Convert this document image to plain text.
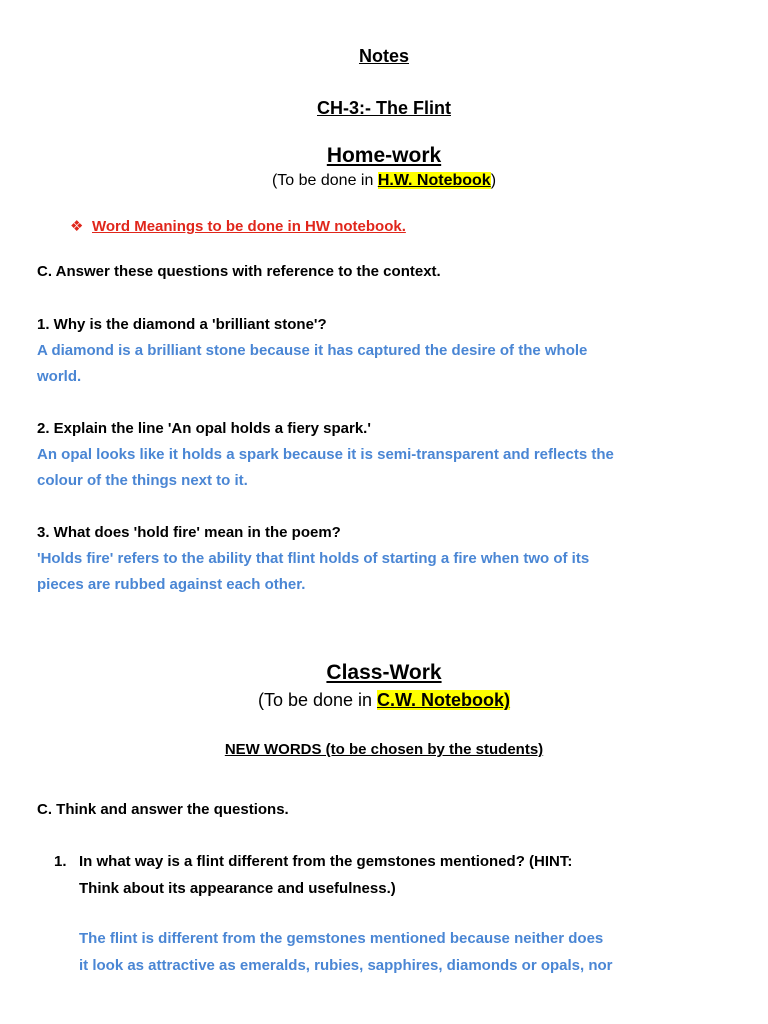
Notes
CH-3:- The Flint
Home-work
(To be done in H.W. Notebook)
❖ Word Meanings to be done in HW notebook.
C. Answer these questions with reference to the context.
1. Why is the diamond a 'brilliant stone'?
A diamond is a brilliant stone because it has captured the desire of the whole
world.
2. Explain the line 'An opal holds a fiery spark.'
An opal looks like it holds a spark because it is semi-transparent and reflects the
colour of the things next to it.
3. What does 'hold fire' mean in the poem?
'Holds fire' refers to the ability that flint holds of starting a fire when two of its
pieces are rubbed against each other.
Class-Work
(To be done in C.W. Notebook)
NEW WORDS (to be chosen by the students)
C. Think and answer the questions.
1. In what way is a flint different from the gemstones mentioned? (HINT:
Think about its appearance and usefulness.)
The flint is different from the gemstones mentioned because neither does
it look as attractive as emeralds, rubies, sapphires, diamonds or opals, nor
